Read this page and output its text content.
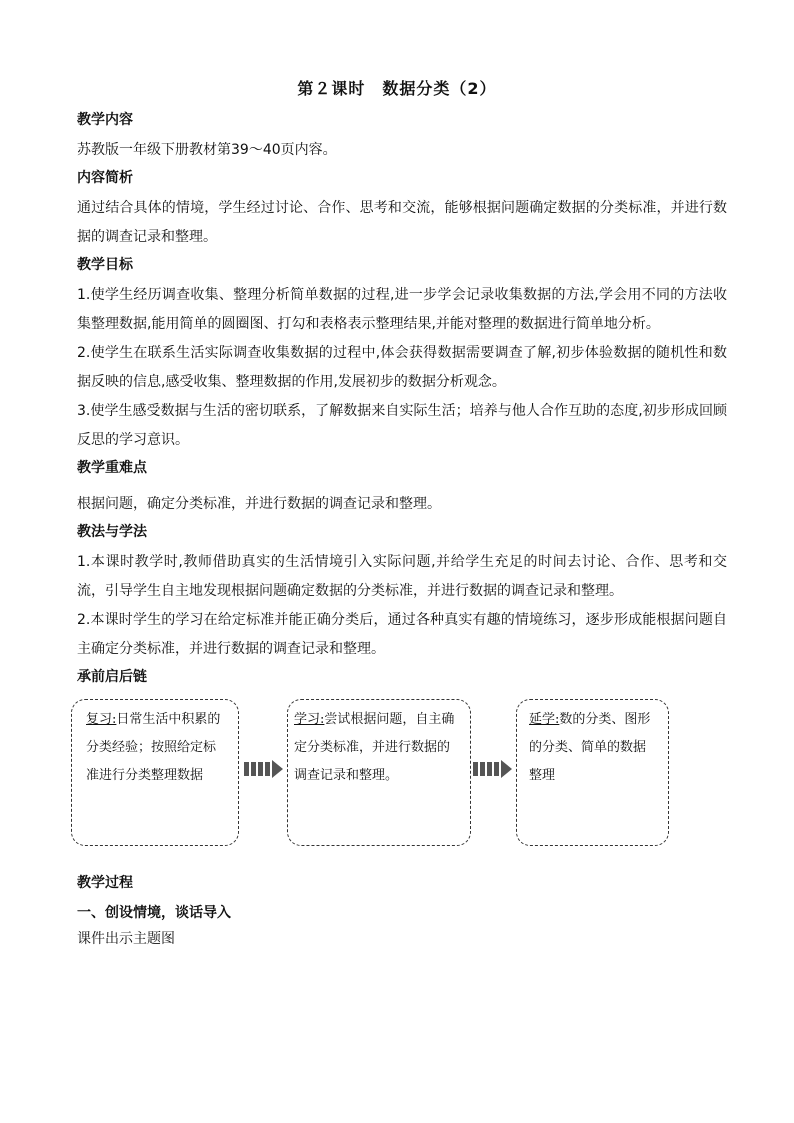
第２课时　数据分类（2）
教学内容
苏教版一年级下册教材第39～40页内容。
内容简析
通过结合具体的情境，学生经过讨论、合作、思考和交流，能够根据问题确定数据的分类标准，并进行数据的调查记录和整理。
教学目标
1.使学生经历调查收集、整理分析简单数据的过程,进一步学会记录收集数据的方法,学会用不同的方法收集整理数据,能用简单的圆圈图、打勾和表格表示整理结果,并能对整理的数据进行简单地分析。
2.使学生在联系生活实际调查收集数据的过程中,体会获得数据需要调查了解,初步体验数据的随机性和数据反映的信息,感受收集、整理数据的作用,发展初步的数据分析观念。
3.使学生感受数据与生活的密切联系，了解数据来自实际生活；培养与他人合作互助的态度,初步形成回顾反思的学习意识。
教学重难点
根据问题，确定分类标准，并进行数据的调查记录和整理。
教法与学法
1.本课时教学时,教师借助真实的生活情境引入实际问题,并给学生充足的时间去讨论、合作、思考和交流，引导学生自主地发现根据问题确定数据的分类标准，并进行数据的调查记录和整理。
2.本课时学生的学习在给定标准并能正确分类后，通过各种真实有趣的情境练习，逐步形成能根据问题自主确定分类标准，并进行数据的调查记录和整理。
承前启后链
复习:日常生活中积累的分类经验；按照给定标准进行分类整理数据
学习:尝试根据问题，自主确定分类标准，并进行数据的调查记录和整理。
延学:数的分类、图形的分类、简单的数据整理
教学过程
一、创设情境，谈话导入
课件出示主题图
